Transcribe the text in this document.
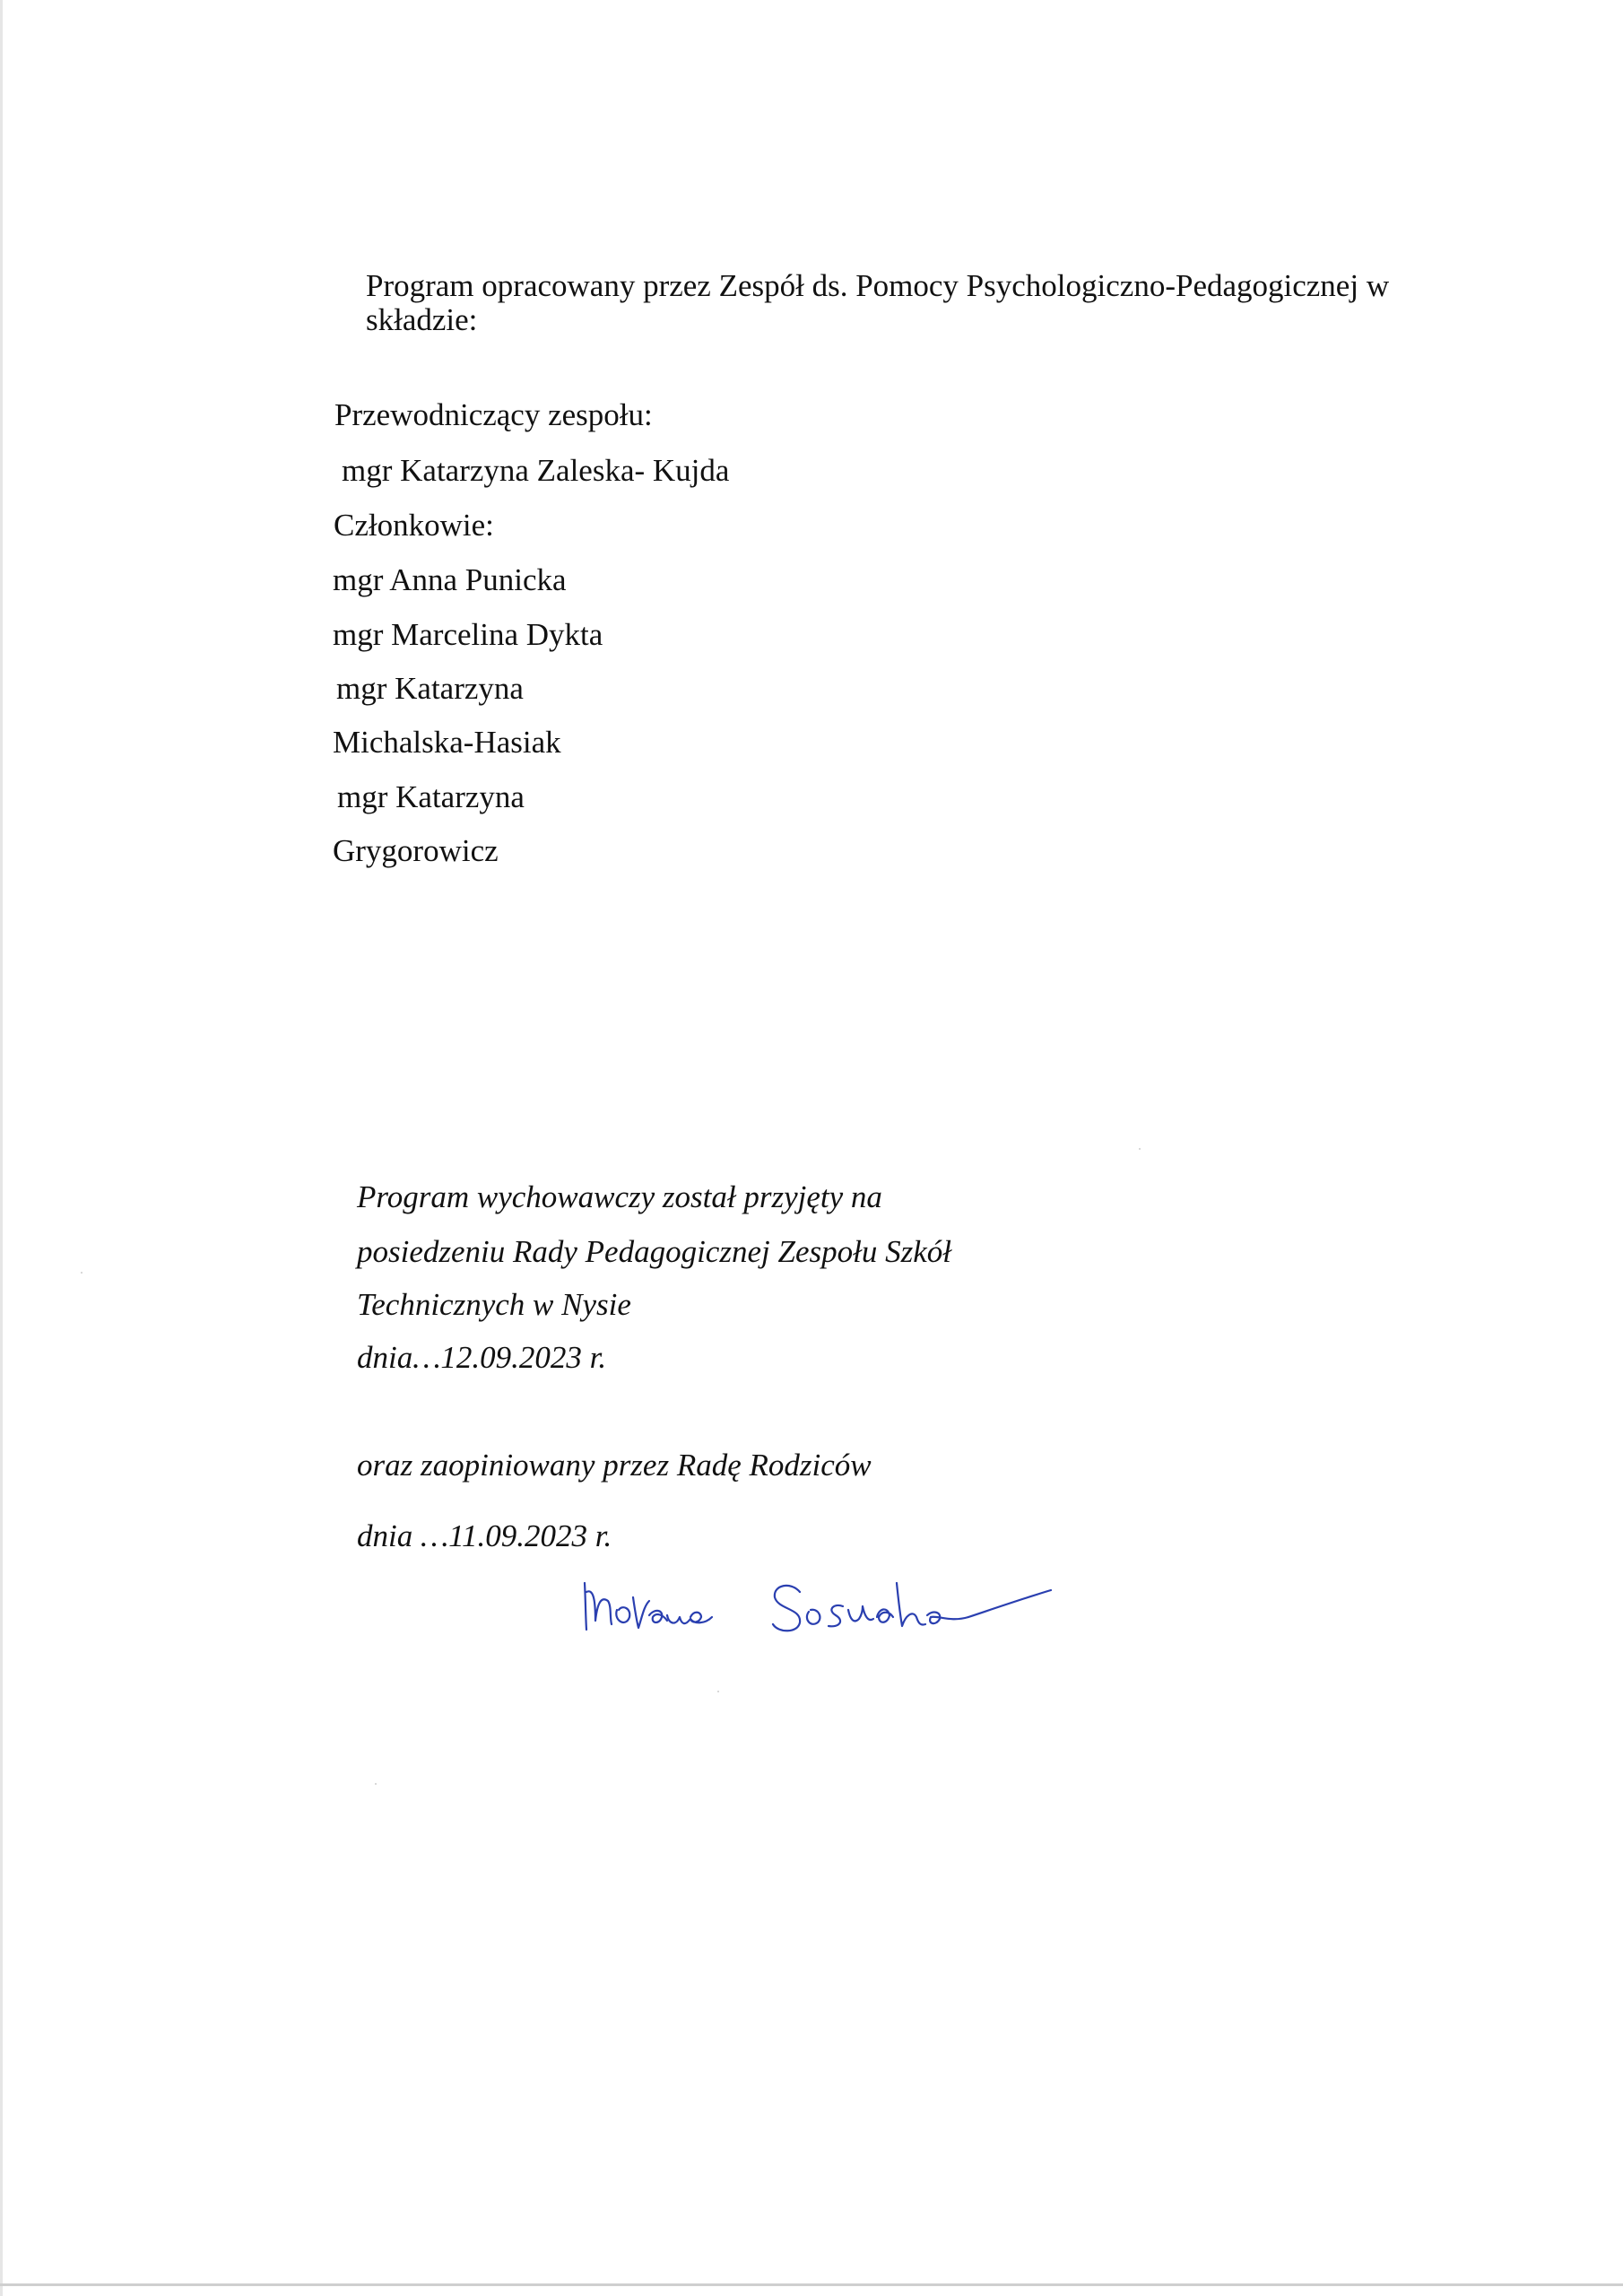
Program opracowany przez Zespół ds. Pomocy Psychologiczno-Pedagogicznej w składzie:
Przewodniczący zespołu:
mgr Katarzyna Zaleska- Kujda
Członkowie:
mgr Anna Punicka
mgr Marcelina Dykta
mgr Katarzyna
Michalska-Hasiak
mgr Katarzyna
Grygorowicz
Program wychowawczy został przyjęty na
posiedzeniu Rady Pedagogicznej Zespołu Szkół
Technicznych w Nysie
dnia…12.09.2023 r.
oraz zaopiniowany przez Radę Rodziców
dnia …11.09.2023 r.
